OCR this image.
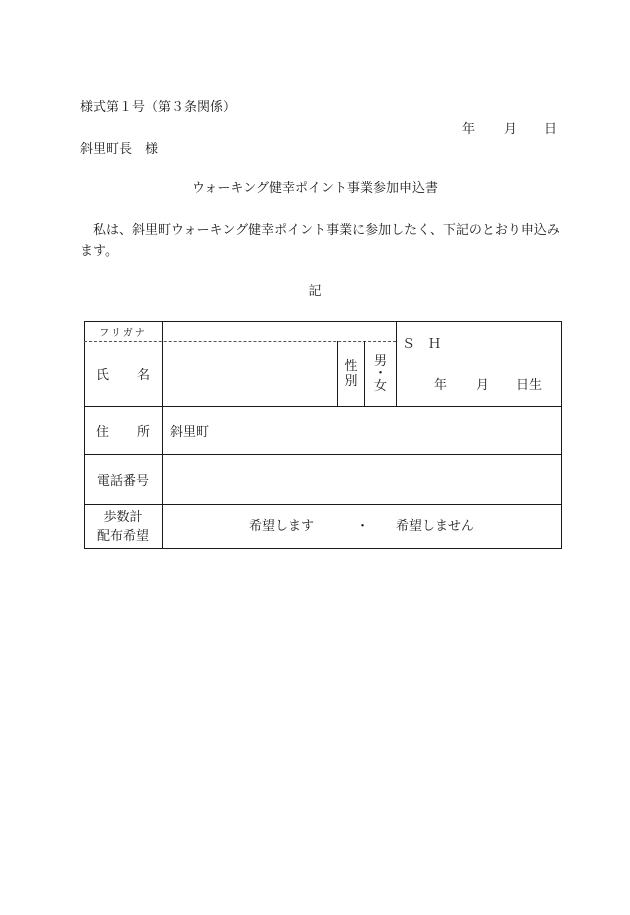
様式第１号（第３条関係）
年 月 日
斜里町長　様
ウォーキング健幸ポイント事業参加申込書
私は、斜里町ウォーキング健幸ポイント事業に参加したく、下記のとおり申込みます。
記
フリガナ
氏 名
性
別
男
・
女
Ｓ　Ｈ
年 月 日生
住 所	斜里町
電話番号
歩数計
配布希望
希望します	・ 希望しません
